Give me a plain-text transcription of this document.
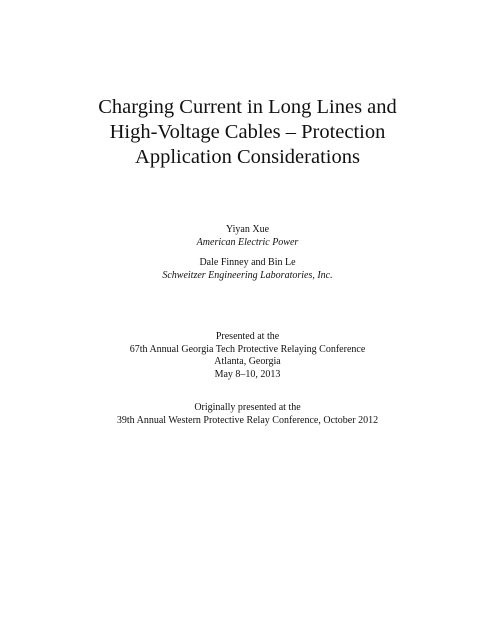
Charging Current in Long Lines and
High-Voltage Cables – Protection
Application Considerations
Yiyan Xue
American Electric Power
Dale Finney and Bin Le
Schweitzer Engineering Laboratories, Inc.
Presented at the
67th Annual Georgia Tech Protective Relaying Conference
Atlanta, Georgia
May 8–10, 2013
Originally presented at the
39th Annual Western Protective Relay Conference, October 2012
